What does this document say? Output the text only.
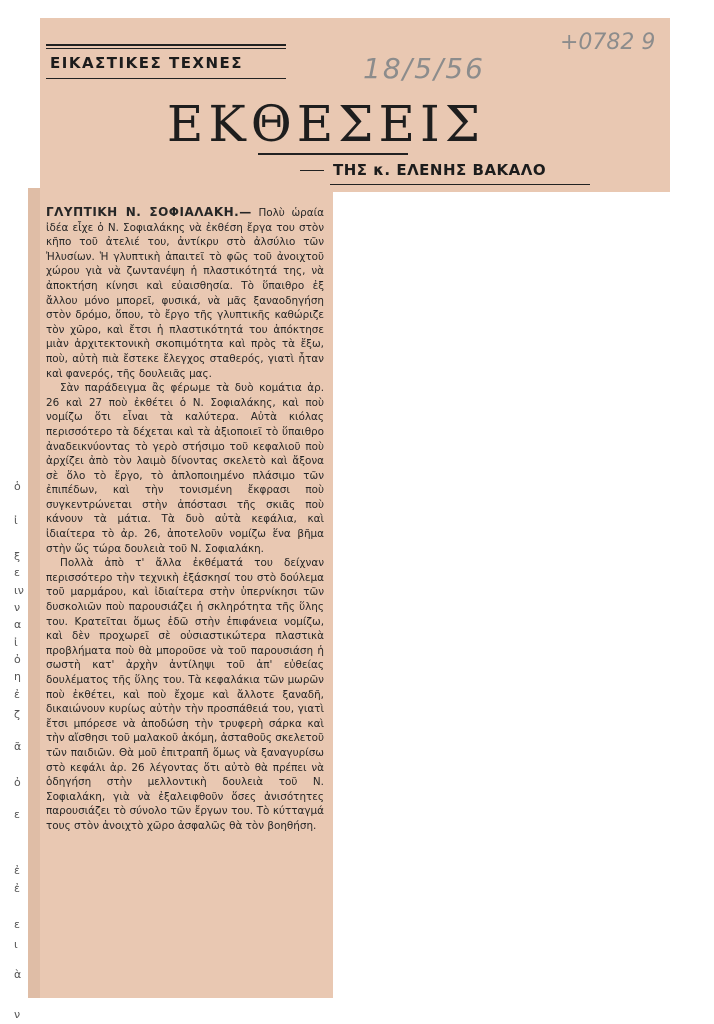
ΕΙΚΑΣΤΙΚΕΣ ΤΕΧΝΕΣ	18/5/56
+0782 9
ΕΚΘΕΣΕΙΣ
ΤΗΣ κ. ΕΛΕΝΗΣ ΒΑΚΑΛΟ

ΓΛΥΠΤΙΚΗ Ν. ΣΟΦΙΑΛΑΚΗ.— Πολὺ ὡραία ἰδέα εἶχε ὁ Ν. Σοφιαλάκης νὰ ἐκθέση ἔργα του στὸν κῆπο τοῦ ἀτελιέ του, ἀντίκρυ στὸ ἀλσύλιο τῶν Ἠλυσίων. Ἡ γλυπτικὴ ἀπαιτεῖ τὸ φῶς τοῦ ἀνοιχτοῦ χώρου γιὰ νὰ ζωντανέψη ἡ πλαστικότητά της, νὰ ἀποκτήση κίνησι καὶ εὐαισθησία. Τὸ ὕπαιθρο ἐξ ἄλλου μόνο μπορεῖ, φυσικά, νὰ μᾶς ξαναοδηγήση στὸν δρόμο, ὅπου, τὸ ἔργο τῆς γλυπτικῆς καθώριζε τὸν χῶρο, καὶ ἔτσι ἡ πλαστικότητά του ἀπόκτησε μιὰν ἀρχιτεκτονικὴ σκοπιμότητα καὶ πρὸς τὰ ἔξω, ποὺ, αὐτὴ πιὰ ἔστεκε ἔλεγχος σταθερός, γιατὶ ἦταν καὶ φανερός, τῆς δουλειᾶς μας.

Σὰν παράδειγμα ἂς φέρωμε τὰ δυὸ κομάτια ἀρ. 26 καὶ 27 ποὺ ἐκθέτει ὁ Ν. Σοφιαλάκης, καὶ ποὺ νομίζω ὅτι εἶναι τὰ καλύτερα. Αὐτὰ κιόλας περισσότερο τὰ δέχεται καὶ τὰ ἀξιοποιεῖ τὸ ὕπαιθρο ἀναδεικνύοντας τὸ γερὸ στήσιμο τοῦ κεφαλιοῦ ποὺ ἀρχίζει ἀπὸ τὸν λαιμὸ δίνοντας σκελετὸ καὶ ἄξονα σὲ ὅλο τὸ ἔργο, τὸ ἀπλοποιημένο πλάσιμο τῶν ἐπιπέδων, καὶ τὴν τονισμένη ἔκφρασι ποὺ συγκεντρώνεται στὴν ἀπόστασι τῆς σκιᾶς ποὺ κάνουν τὰ μάτια. Τὰ δυὸ αὐτὰ κεφάλια, καὶ ἰδιαίτερα τὸ ἀρ. 26, ἀποτελοῦν νομίζω ἕνα βῆμα στὴν ὥς τώρα δουλειὰ τοῦ Ν. Σοφιαλάκη.

Πολλὰ ἀπὸ τ' ἄλλα ἐκθέματά του δείχναν περισσότερο τὴν τεχνικὴ ἐξάσκησί του στὸ δούλεμα τοῦ μαρμάρου, καὶ ἰδιαίτερα στὴν ὑπερνίκησι τῶν δυσκολιῶν ποὺ παρουσιάζει ἡ σκληρότητα τῆς ὕλης του. Κρατεῖται ὅμως ἐδῶ στὴν ἐπιφάνεια νομίζω, καὶ δὲν προχωρεῖ σὲ οὐσιαστικώτερα πλαστικὰ προβλήματα ποὺ θὰ μποροῦσε νὰ τοῦ παρουσιάση ἡ σωστὴ κατ' ἀρχὴν ἀντίληψι τοῦ ἀπ' εὐθείας δουλέματος τῆς ὕλης του. Τὰ κεφαλάκια τῶν μωρῶν ποὺ ἐκθέτει, καὶ ποὺ ἔχομε καὶ ἄλλοτε ξαναδῆ, δικαιώνουν κυρίως αὐτὴν τὴν προσπάθειά του, γιατὶ ἔτσι μπόρεσε νὰ ἀποδώση τὴν τρυφερὴ σάρκα καὶ τὴν αἴσθησι τοῦ μαλακοῦ ἀκόμη, ἀσταθοῦς σκελετοῦ τῶν παιδιῶν. Θὰ μοῦ ἐπιτραπῆ ὅμως νὰ ξαναγυρίσω στὸ κεφάλι ἀρ. 26 λέγοντας ὅτι αὐτὸ θὰ πρέπει νὰ ὁδηγήση στὴν μελλοντικὴ δουλειὰ τοῦ Ν. Σοφιαλάκη, γιὰ νὰ ἐξαλειφθοῦν ὅσες ἀνισότητες παρουσιάζει τὸ σύνολο τῶν ἔργων του. Τὸ κύτταγμά τους στὸν ἀνοιχτὸ χῶρο ἀσφαλῶς θὰ τὸν βοηθήση.

ὁ
ἰ
ξ
ε
ιν
ν
α
ἰ
ὀ
η
ἐ
ζ
ᾶ
ὀ
ε
ἐ
ἐ
ε
ι
ὰ
ν
